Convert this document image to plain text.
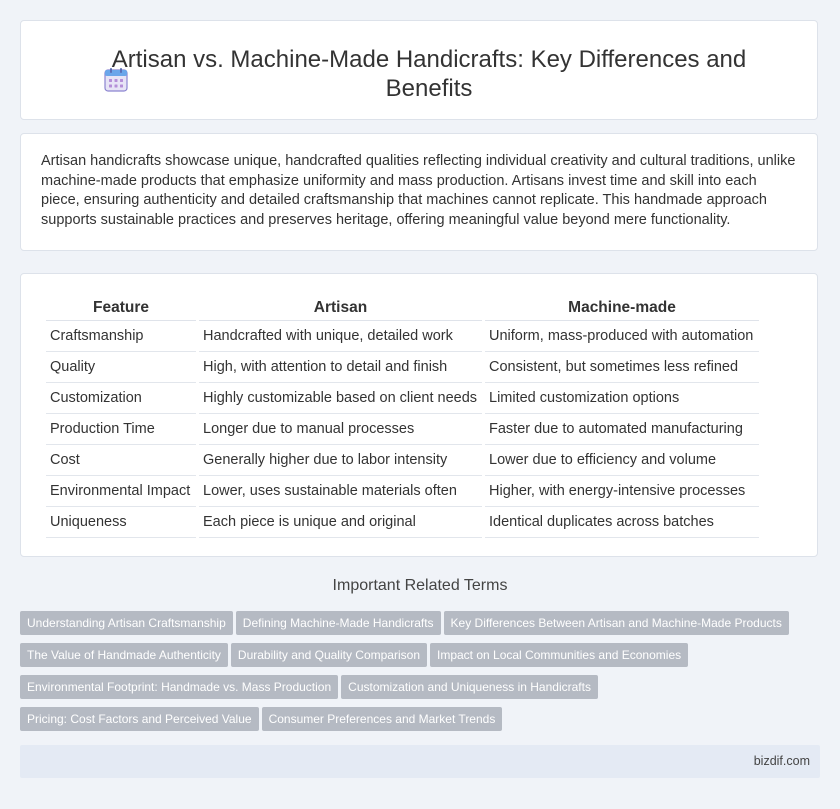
Artisan vs. Machine-Made Handicrafts: Key Differences and Benefits

Artisan handicrafts showcase unique, handcrafted qualities reflecting individual creativity and cultural traditions, unlike machine-made products that emphasize uniformity and mass production. Artisans invest time and skill into each piece, ensuring authenticity and detailed craftsmanship that machines cannot replicate. This handmade approach supports sustainable practices and preserves heritage, offering meaningful value beyond mere functionality.

Feature	Artisan	Machine-made
Craftsmanship	Handcrafted with unique, detailed work	Uniform, mass-produced with automation
Quality	High, with attention to detail and finish	Consistent, but sometimes less refined
Customization	Highly customizable based on client needs	Limited customization options
Production Time	Longer due to manual processes	Faster due to automated manufacturing
Cost	Generally higher due to labor intensity	Lower due to efficiency and volume
Environmental Impact	Lower, uses sustainable materials often	Higher, with energy-intensive processes
Uniqueness	Each piece is unique and original	Identical duplicates across batches
Important Related Terms
Understanding Artisan Craftsmanship Defining Machine-Made Handicrafts Key Differences Between Artisan and Machine-Made Products
The Value of Handmade Authenticity Durability and Quality Comparison Impact on Local Communities and Economies
Environmental Footprint: Handmade vs. Mass Production Customization and Uniqueness in Handicrafts
Pricing: Cost Factors and Perceived Value Consumer Preferences and Market Trends
bizdif.com
